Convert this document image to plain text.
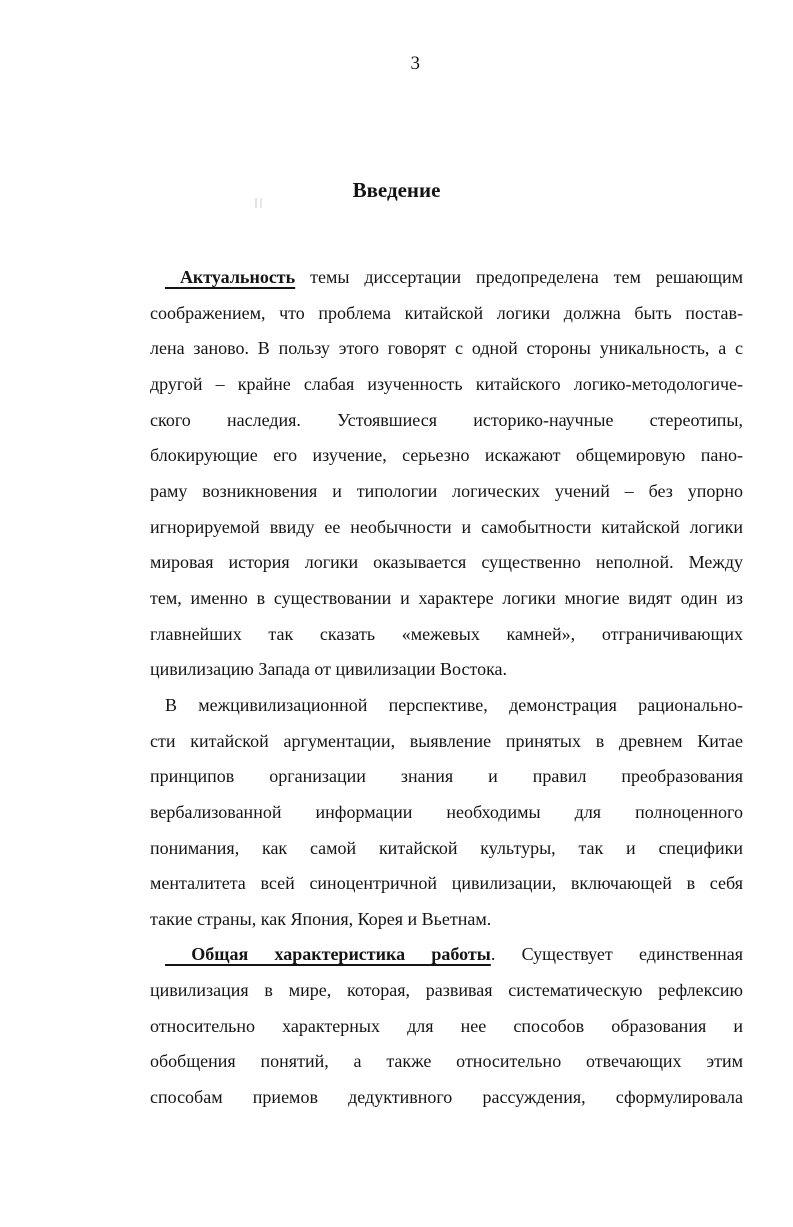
3
Введение
Актуальность темы диссертации предопределена тем решающим
соображением, что проблема китайской логики должна быть постав-
лена заново. В пользу этого говорят с одной стороны уникальность, а с
другой – крайне слабая изученность китайского логико-методологиче-
ского наследия. Устоявшиеся историко-научные стереотипы,
блокирующие его изучение, серьезно искажают общемировую пано-
раму возникновения и типологии логических учений – без упорно
игнорируемой ввиду ее необычности и самобытности китайской логики
мировая история логики оказывается существенно неполной. Между
тем, именно в существовании и характере логики многие видят один из
главнейших так сказать «межевых камней», отграничивающих
цивилизацию Запада от цивилизации Востока.
В межцивилизационной перспективе, демонстрация рационально-
сти китайской аргументации, выявление принятых в древнем Китае
принципов организации знания и правил преобразования
вербализованной информации необходимы для полноценного
понимания, как самой китайской культуры, так и специфики
менталитета всей синоцентричной цивилизации, включающей в себя
такие страны, как Япония, Корея и Вьетнам.
Общая характеристика работы. Существует единственная
цивилизация в мире, которая, развивая систематическую рефлексию
относительно характерных для нее способов образования и
обобщения понятий, а также относительно отвечающих этим
способам приемов дедуктивного рассуждения, сформулировала
